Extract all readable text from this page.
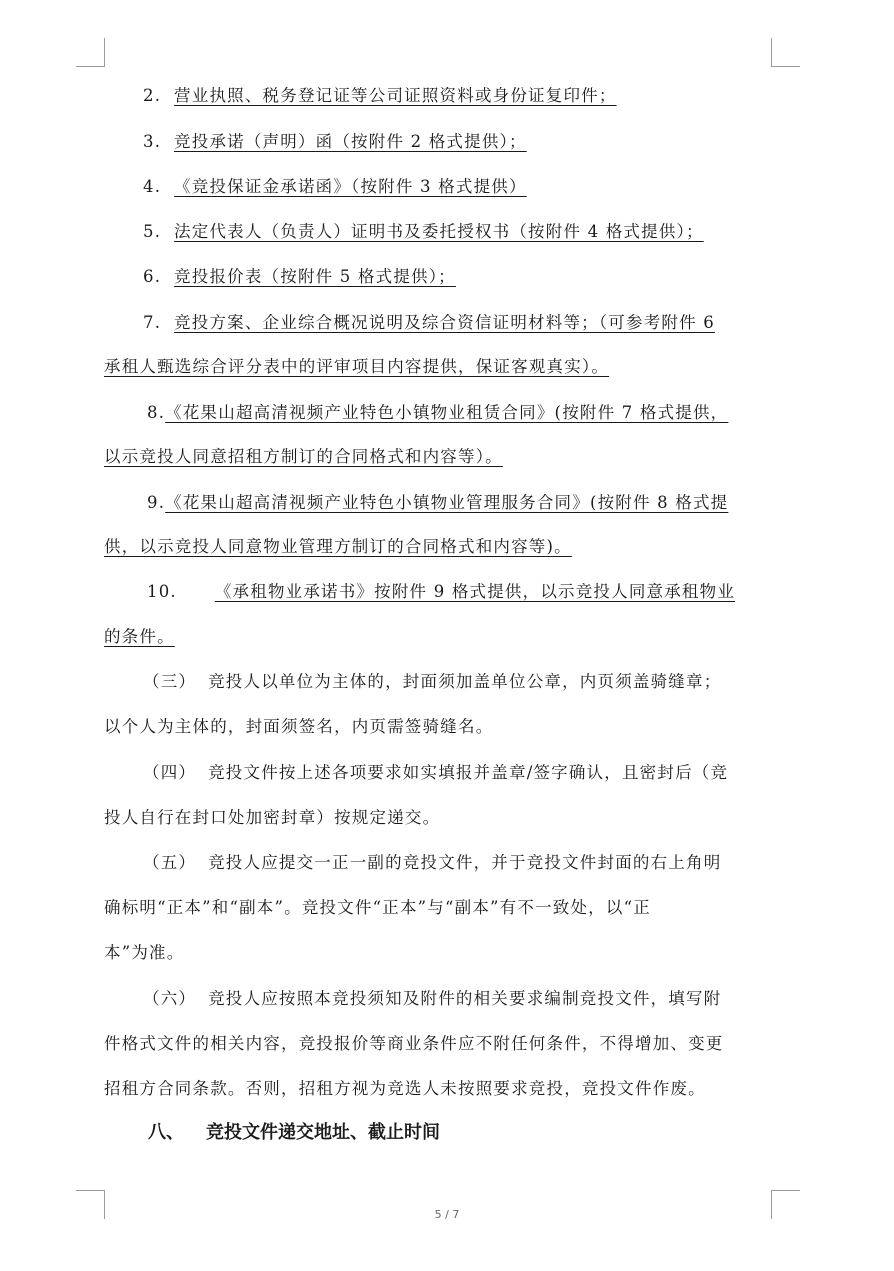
2. 营业执照、税务登记证等公司证照资料或身份证复印件；
3. 竞投承诺（声明）函（按附件 2 格式提供）；
4. 《竞投保证金承诺函》（按附件 3 格式提供）
5. 法定代表人（负责人）证明书及委托授权书（按附件 4 格式提供）；
6. 竞投报价表（按附件 5 格式提供）；
7. 竞投方案、企业综合概况说明及综合资信证明材料等；（可参考附件 6
承租人甄选综合评分表中的评审项目内容提供，保证客观真实）。
8.《花果山超高清视频产业特色小镇物业租赁合同》(按附件 7 格式提供，
以示竞投人同意招租方制订的合同格式和内容等）。
9.《花果山超高清视频产业特色小镇物业管理服务合同》(按附件 8 格式提
供，以示竞投人同意物业管理方制订的合同格式和内容等)。
10. 《承租物业承诺书》按附件 9 格式提供，以示竞投人同意承租物业
的条件。
（三） 竞投人以单位为主体的，封面须加盖单位公章，内页须盖骑缝章；
以个人为主体的，封面须签名，内页需签骑缝名。
（四） 竞投文件按上述各项要求如实填报并盖章/签字确认，且密封后（竞
投人自行在封口处加密封章）按规定递交。
（五） 竞投人应提交一正一副的竞投文件，并于竞投文件封面的右上角明
确标明“正本”和“副本”。竞投文件“正本”与“副本”有不一致处，以“正
本”为准。
（六） 竞投人应按照本竞投须知及附件的相关要求编制竞投文件，填写附
件格式文件的相关内容，竞投报价等商业条件应不附任何条件，不得增加、变更
招租方合同条款。否则，招租方视为竞选人未按照要求竞投，竞投文件作废。
八、 竞投文件递交地址、截止时间
5 / 7
